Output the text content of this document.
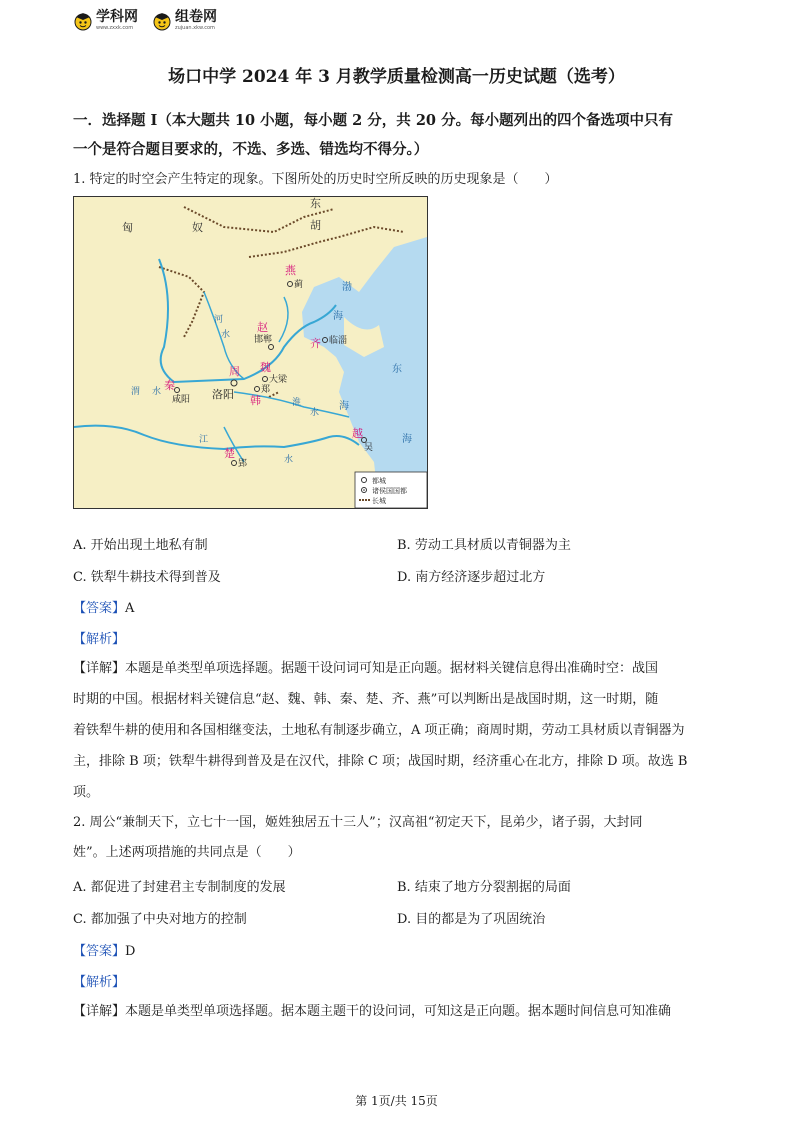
学科网
www.zxxk.com
组卷网
zujuan.xkw.com
场口中学 2024 年 3 月教学质量检测高一历史试题（选考）
一．选择题 I（本大题共 10 小题，每小题 2 分，共 20 分。每小题列出的四个备选项中只有
一个是符合题目要求的，不选、多选、错选均不得分。）
1. 特定的时空会产生特定的现象。下图所处的历史时空所反映的历史现象是（　　）
匈	奴
东
胡
渤
海
东
海
海
河
水
渭 水
江
淮
水
水
燕
赵
齐
周 魏
秦
韩
越
楚
蓟
邯郸	临淄
大梁
郑
洛阳
咸阳
吴
郢
都城
诸侯国国都
长城
A. 开始出现土地私有制	B. 劳动工具材质以青铜器为主
C. 铁犁牛耕技术得到普及	D. 南方经济逐步超过北方
【答案】A
【解析】
【详解】本题是单类型单项选择题。据题干设问词可知是正向题。据材料关键信息得出准确时空：战国
时期的中国。根据材料关键信息“赵、魏、韩、秦、楚、齐、燕”可以判断出是战国时期，这一时期，随
着铁犁牛耕的使用和各国相继变法，土地私有制逐步确立，A 项正确；商周时期，劳动工具材质以青铜器为
主，排除 B 项；铁犁牛耕得到普及是在汉代，排除 C 项；战国时期，经济重心在北方，排除 D 项。故选 B
项。
2. 周公“兼制天下，立七十一国，姬姓独居五十三人”；汉高祖“初定天下，昆弟少，诸子弱，大封同
姓”。上述两项措施的共同点是（　　）
A. 都促进了封建君主专制制度的发展	B. 结束了地方分裂割据的局面
C. 都加强了中央对地方的控制	D. 目的都是为了巩固统治
【答案】D
【解析】
【详解】本题是单类型单项选择题。据本题主题干的设问词，可知这是正向题。据本题时间信息可知准确
第 1页/共 15页
